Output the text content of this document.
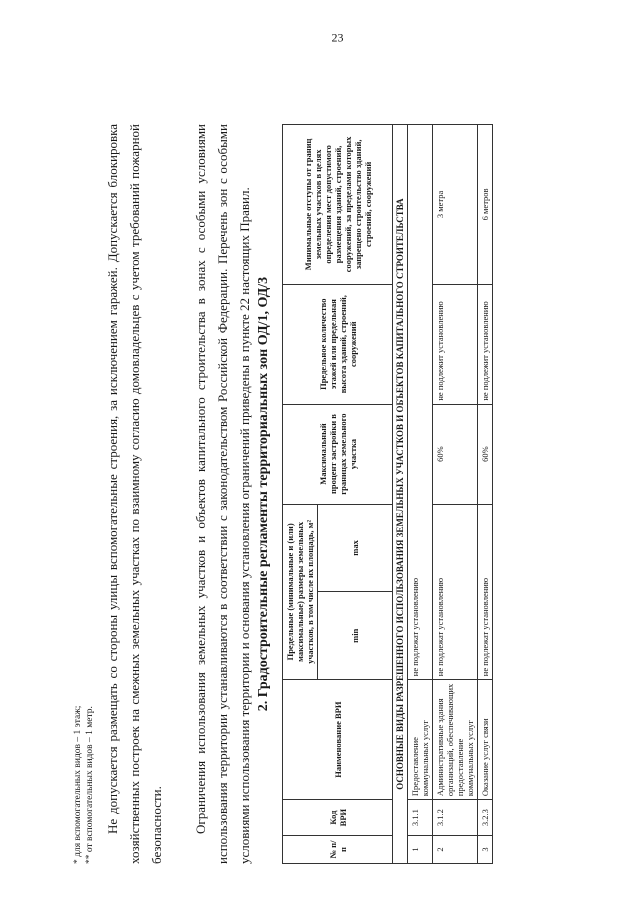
23
* для вспомогательных видов – 1 этаж; ** от вспомогательных видов – 1 метр. Не допускается размещать со стороны улицы вспомогательные строения, за исключением гаражей. Допускается блокировка хозяйственных построек на смежных земельных участках по взаимному согласию домовладельцев с учетом требований пожарной безопасности.	Ограничения использования земельных участков и объектов капитального строительства в зонах с особыми условиями использования территории устанавливаются в соответствии с законодательством Российской Федерации. Перечень зон с особыми условиями использования территории и основания установления ограничений приведены в пункте 22 настоящих Правил. 2. Градостроительные регламенты территориальных зон ОД/1, ОД/3
№ п/п	Код ВРИ	Наименование ВРИ	Предельные (минимальные и (или) максимальные) размеры земельных участков, в том числе их площадь, м²		Максимальный процент застройки в границах земельного участка	Предельное количество этажей или предельная высота зданий, строений, сооружений	Минимальные отступы от границ земельных участков в целях определения мест допустимого размещения зданий, строений, сооружений, за пределами которых запрещено строительство зданий, строений, сооружений
			min	max			
ОСНОВНЫЕ ВИДЫ РАЗРЕШЕННОГО ИСПОЛЬЗОВАНИЯ ЗЕМЕЛЬНЫХ УЧАСТКОВ И ОБЪЕКТОВ КАПИТАЛЬНОГО СТРОИТЕЛЬСТВА							
1	3.1.1	Предоставление коммунальных услуг	не подлежат установлению				
2	3.1.2	Административные здания организаций, обеспечивающих предоставление коммунальных услуг	не подлежат установлению		60%	не подлежит установлению	3 метра
3	3.2.3	Оказание услуг связи	не подлежат установлению		60%	не подлежит установлению	6 метров
